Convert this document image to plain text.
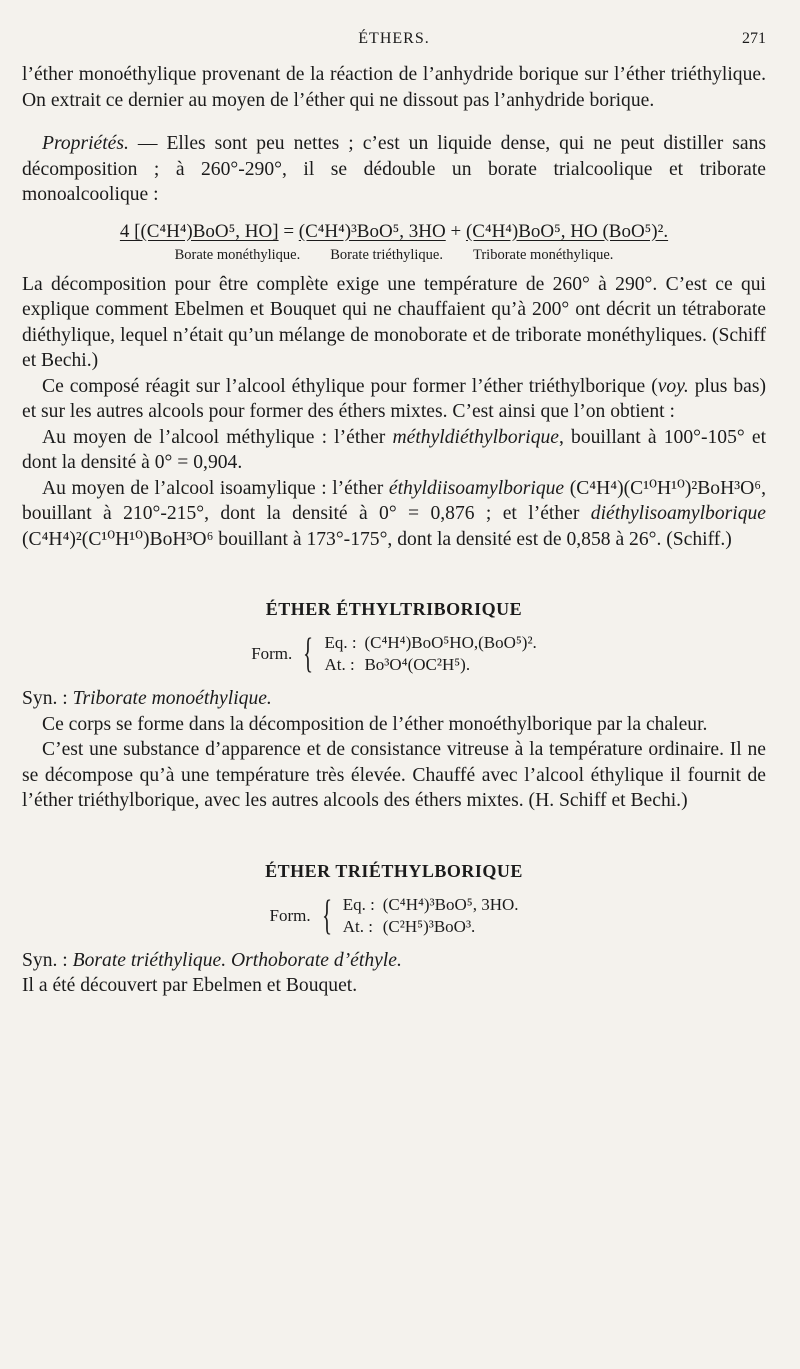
ÉTHERS.	271

l’éther monoéthylique provenant de la réaction de l’anhydride borique sur l’éther triéthylique. On extrait ce dernier au moyen de l’éther qui ne dissout pas l’anhydride borique.

Propriétés. — Elles sont peu nettes ; c’est un liquide dense, qui ne peut distiller sans décomposition ; à 260°-290°, il se dédouble un borate trialcoolique et triborate monoalcoolique :

4 [(C⁴H⁴)BoO⁵, HO] = (C⁴H⁴)³BoO⁵, 3HO + (C⁴H⁴)BoO⁵, HO (BoO⁵)².
Borate monéthylique. Borate triéthylique. Triborate monéthylique.

La décomposition pour être complète exige une température de 260° à 290°. C’est ce qui explique comment Ebelmen et Bouquet qui ne chauffaient qu’à 200° ont décrit un tétraborate diéthylique, lequel n’était qu’un mélange de monoborate et de triborate monéthyliques. (Schiff et Bechi.)

Ce composé réagit sur l’alcool éthylique pour former l’éther triéthylborique (voy. plus bas) et sur les autres alcools pour former des éthers mixtes. C’est ainsi que l’on obtient :

Au moyen de l’alcool méthylique : l’éther méthyldiéthylborique, bouillant à 100°-105° et dont la densité à 0° = 0,904.

Au moyen de l’alcool isoamylique : l’éther éthyldiisoamylborique (C⁴H⁴)(C¹⁰H¹⁰)²BoH³O⁶, bouillant à 210°-215°, dont la densité à 0° = 0,876 ; et l’éther diéthylisoamylborique (C⁴H⁴)²(C¹⁰H¹⁰)BoH³O⁶ bouillant à 173°-175°, dont la densité est de 0,858 à 26°. (Schiff.)

ÉTHER ÉTHYLTRIBORIQUE
Form. { Eq. : (C⁴H⁴)BoO⁵HO,(BoO⁵)².
At. : Bo³O⁴(OC²H⁵).

Syn. : Triborate monoéthylique.

Ce corps se forme dans la décomposition de l’éther monoéthylborique par la chaleur.

C’est une substance d’apparence et de consistance vitreuse à la température ordinaire. Il ne se décompose qu’à une température très élevée. Chauffé avec l’alcool éthylique il fournit de l’éther triéthylborique, avec les autres alcools des éthers mixtes. (H. Schiff et Bechi.)

ÉTHER TRIÉTHYLBORIQUE
Form. { Eq. : (C⁴H⁴)³BoO⁵, 3HO.
At. : (C²H⁵)³BoO³.

Syn. : Borate triéthylique. Orthoborate d’éthyle.

Il a été découvert par Ebelmen et Bouquet.
